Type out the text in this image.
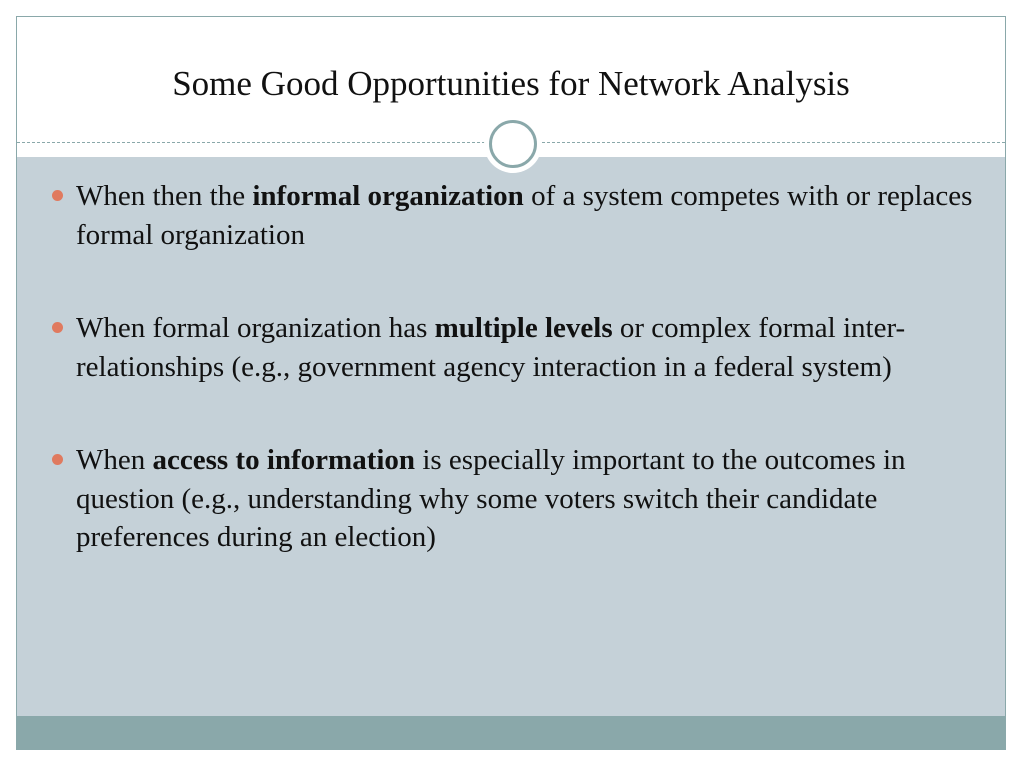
Some Good Opportunities for Network Analysis
When then the informal organization of a system competes with or replaces formal organization
When formal organization has multiple levels or complex formal inter-relationships (e.g., government agency interaction in a federal system)
When access to information is especially important to the outcomes in question (e.g., understanding why some voters switch their candidate preferences during an election)
